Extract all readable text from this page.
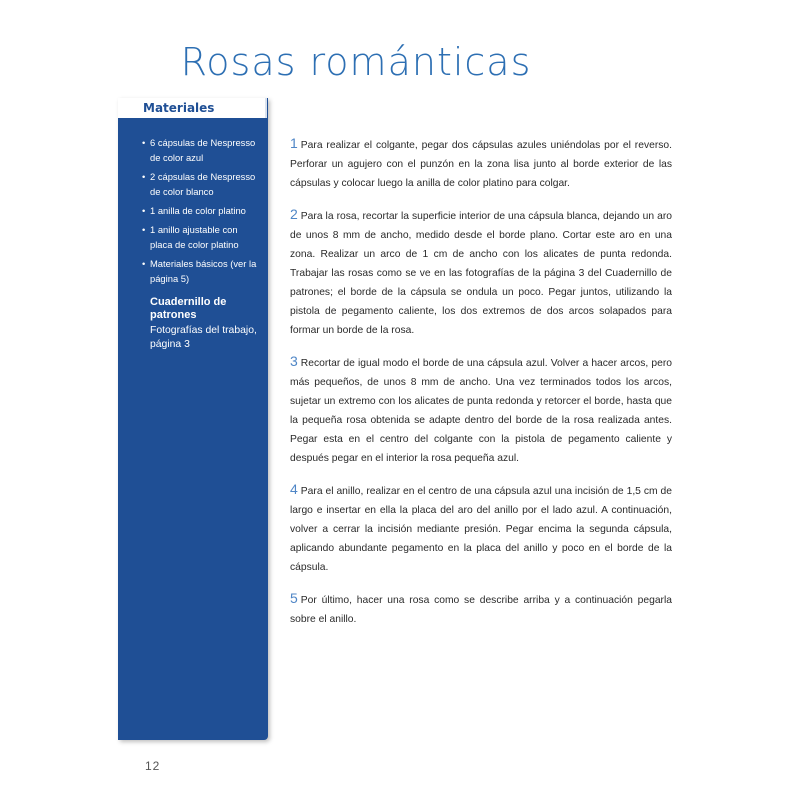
Rosas románticas
Materiales
• 6 cápsulas de Nespresso de color azul
• 2 cápsulas de Nespresso de color blanco
• 1 anilla de color platino
• 1 anillo ajustable con placa de color platino
• Materiales básicos (ver la página 5)
Cuadernillo de patrones
Fotografías del trabajo, página 3

1 Para realizar el colgante, pegar dos cápsulas azules uniéndolas por el reverso. Perforar un agujero con el punzón en la zona lisa junto al borde exterior de las cápsulas y colocar luego la anilla de color platino para colgar.

2 Para la rosa, recortar la superficie interior de una cápsula blanca, dejando un aro de unos 8 mm de ancho, medido desde el borde plano. Cortar este aro en una zona. Realizar un arco de 1 cm de ancho con los alicates de punta redonda. Trabajar las rosas como se ve en las fotografías de la página 3 del Cuadernillo de patrones; el borde de la cápsula se ondula un poco. Pegar juntos, utilizando la pistola de pegamento caliente, los dos extremos de dos arcos solapados para formar un borde de la rosa.

3 Recortar de igual modo el borde de una cápsula azul. Volver a hacer arcos, pero más pequeños, de unos 8 mm de ancho. Una vez terminados todos los arcos, sujetar un extremo con los alicates de punta redonda y retorcer el borde, hasta que la pequeña rosa obtenida se adapte dentro del borde de la rosa realizada antes. Pegar esta en el centro del colgante con la pistola de pegamento caliente y después pegar en el interior la rosa pequeña azul.

4 Para el anillo, realizar en el centro de una cápsula azul una incisión de 1,5 cm de largo e insertar en ella la placa del aro del anillo por el lado azul. A continuación, volver a cerrar la incisión mediante presión. Pegar encima la segunda cápsula, aplicando abundante pegamento en la placa del anillo y poco en el borde de la cápsula.

5 Por último, hacer una rosa como se describe arriba y a continuación pegarla sobre el anillo.

12
